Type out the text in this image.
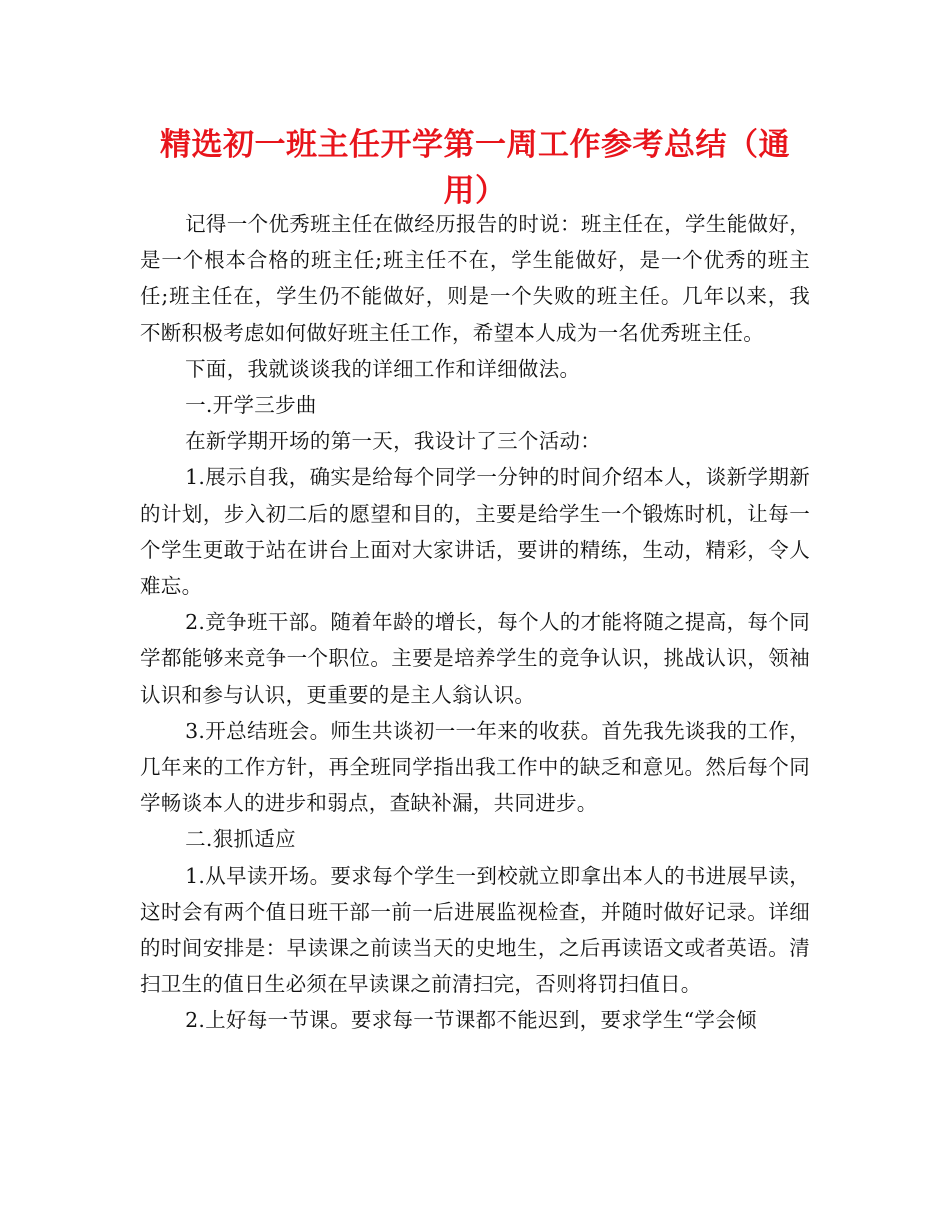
精选初一班主任开学第一周工作参考总结（通用）

记得一个优秀班主任在做经历报告的时说：班主任在，学生能做好，是一个根本合格的班主任;班主任不在，学生能做好，是一个优秀的班主任;班主任在，学生仍不能做好，则是一个失败的班主任。几年以来，我不断积极考虑如何做好班主任工作，希望本人成为一名优秀班主任。

下面，我就谈谈我的详细工作和详细做法。

一.开学三步曲

在新学期开场的第一天，我设计了三个活动：

1.展示自我，确实是给每个同学一分钟的时间介绍本人，谈新学期新的计划，步入初二后的愿望和目的，主要是给学生一个锻炼时机，让每一个学生更敢于站在讲台上面对大家讲话，要讲的精练，生动，精彩，令人难忘。

2.竞争班干部。随着年龄的增长，每个人的才能将随之提高，每个同学都能够来竞争一个职位。主要是培养学生的竞争认识，挑战认识，领袖认识和参与认识，更重要的是主人翁认识。

3.开总结班会。师生共谈初一一年来的收获。首先我先谈我的工作，几年来的工作方针，再全班同学指出我工作中的缺乏和意见。然后每个同学畅谈本人的进步和弱点，查缺补漏，共同进步。

二.狠抓适应

1.从早读开场。要求每个学生一到校就立即拿出本人的书进展早读，这时会有两个值日班干部一前一后进展监视检查，并随时做好记录。详细的时间安排是：早读课之前读当天的史地生，之后再读语文或者英语。清扫卫生的值日生必须在早读课之前清扫完，否则将罚扫值日。

2.上好每一节课。要求每一节课都不能迟到，要求学生“学会倾
